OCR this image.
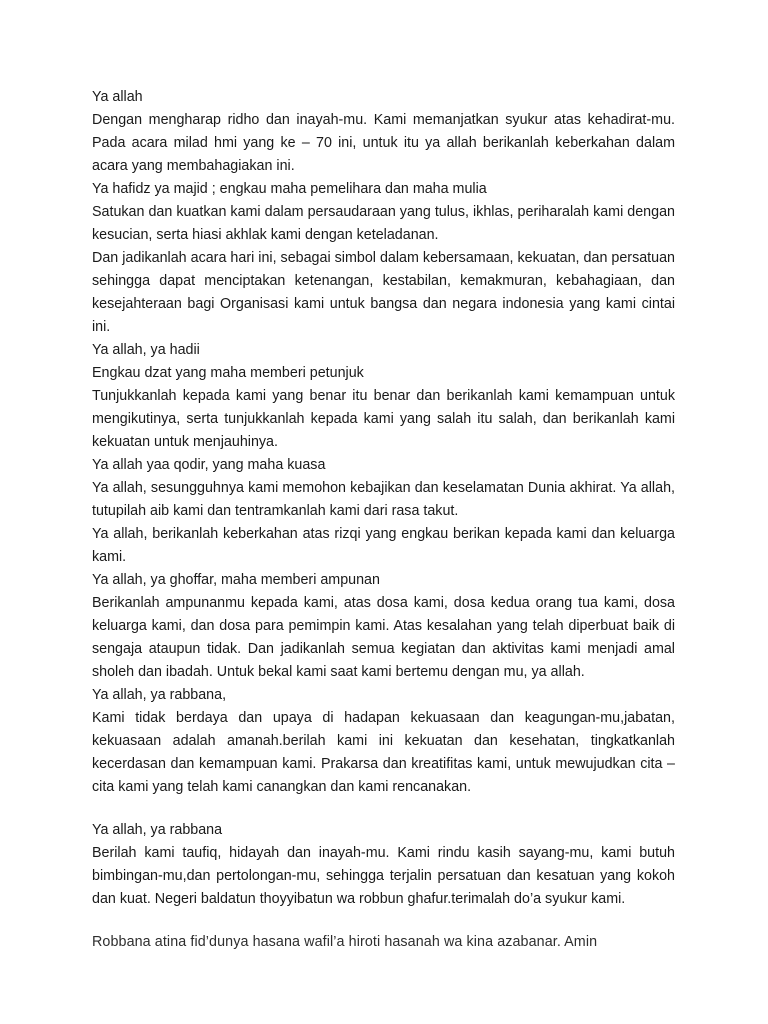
Ya allah

Dengan mengharap ridho dan inayah-mu. Kami memanjatkan syukur atas kehadirat-mu. Pada acara milad hmi yang ke – 70 ini, untuk itu ya allah berikanlah keberkahan dalam acara yang membahagiakan ini.

Ya hafidz ya majid ; engkau maha pemelihara dan maha mulia

Satukan dan kuatkan kami dalam persaudaraan yang tulus, ikhlas, periharalah kami dengan kesucian, serta hiasi akhlak kami dengan keteladanan.

Dan jadikanlah acara hari ini, sebagai simbol dalam kebersamaan, kekuatan, dan persatuan sehingga dapat menciptakan ketenangan, kestabilan, kemakmuran, kebahagiaan, dan kesejahteraan bagi Organisasi kami untuk bangsa dan negara indonesia yang kami cintai ini.

Ya allah, ya hadii

Engkau dzat yang maha memberi petunjuk

Tunjukkanlah kepada kami yang benar itu benar dan berikanlah kami kemampuan untuk mengikutinya, serta tunjukkanlah kepada kami yang salah itu salah, dan berikanlah kami kekuatan untuk menjauhinya.

Ya allah yaa qodir, yang maha kuasa

Ya allah, sesungguhnya kami memohon kebajikan dan keselamatan Dunia akhirat. Ya allah, tutupilah aib kami dan tentramkanlah kami dari rasa takut.

Ya allah, berikanlah keberkahan atas rizqi yang engkau berikan kepada kami dan keluarga kami.

Ya allah, ya ghoffar, maha memberi ampunan

Berikanlah ampunanmu kepada kami, atas dosa kami, dosa kedua orang tua kami, dosa keluarga kami, dan dosa para pemimpin kami. Atas kesalahan yang telah diperbuat baik di sengaja ataupun tidak. Dan jadikanlah semua kegiatan dan aktivitas kami menjadi amal sholeh dan ibadah. Untuk bekal kami saat kami bertemu dengan mu, ya allah.

Ya allah, ya rabbana,

Kami tidak berdaya dan upaya di hadapan kekuasaan dan keagungan-mu,jabatan, kekuasaan adalah amanah.berilah kami ini kekuatan dan kesehatan, tingkatkanlah kecerdasan dan kemampuan kami. Prakarsa dan kreatifitas kami, untuk mewujudkan cita – cita kami yang telah kami canangkan dan kami rencanakan.

Ya allah, ya rabbana

Berilah kami taufiq, hidayah dan inayah-mu. Kami rindu kasih sayang-mu, kami butuh bimbingan-mu,dan pertolongan-mu, sehingga terjalin persatuan dan kesatuan yang kokoh dan kuat. Negeri baldatun thoyyibatun wa robbun ghafur.terimalah do’a syukur kami.

Robbana atina fid’dunya hasana wafil’a hiroti hasanah wa kina azabanar. Amin
